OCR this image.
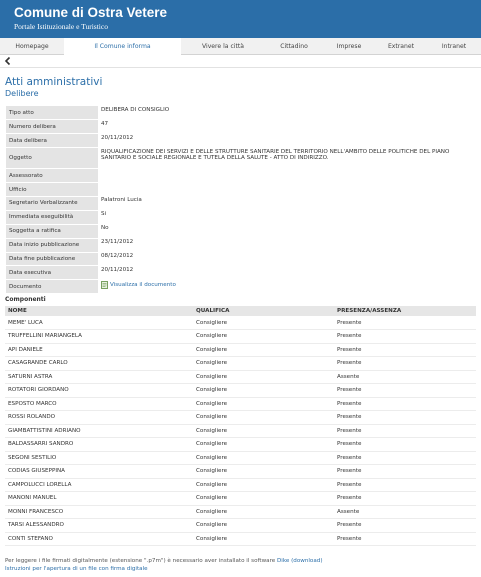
Comune di Ostra Vetere
Portale Istituzionale e Turistico
Homepage	Il Comune informa	Vivere la città	Cittadino	Imprese	Extranet	Intranet
Atti amministrativi
Delibere
Tipo atto	DELIBERA DI CONSIGLIO
Numero delibera	47
Data delibera	20/11/2012
Oggetto	RIQUALIFICAZIONE DEI SERVIZI E DELLE STRUTTURE SANITARIE DEL TERRITORIO NELL'AMBITO DELLE POLITICHE DEL PIANO SANITARIO E SOCIALE REGIONALE E TUTELA DELLA SALUTE - ATTO DI INDIRIZZO.
Assessorato	
Ufficio	
Segretario Verbalizzante	Palatroni Lucia
Immediata eseguibilità	Si
Soggetta a ratifica	No
Data inizio pubblicazione	23/11/2012
Data fine pubblicazione	08/12/2012
Data esecutiva	20/11/2012
Documento	Visualizza il documento
Componenti
NOME	QUALIFICA	PRESENZA/ASSENZA
MEME' LUCA	Consigliere	Presente
TRUFFELLINI MARIANGELA	Consigliere	Presente
API DANIELE	Consigliere	Presente
CASAGRANDE CARLO	Consigliere	Presente
SATURNI ASTRA	Consigliere	Assente
ROTATORI GIORDANO	Consigliere	Presente
ESPOSTO MARCO	Consigliere	Presente
ROSSI ROLANDO	Consigliere	Presente
GIAMBATTISTINI ADRIANO	Consigliere	Presente
BALDASSARRI SANDRO	Consigliere	Presente
SEGONI SESTILIO	Consigliere	Presente
CODIAS GIUSEPPINA	Consigliere	Presente
CAMPOLUCCI LORELLA	Consigliere	Presente
MANONI MANUEL	Consigliere	Presente
MONNI FRANCESCO	Consigliere	Assente
TARSI ALESSANDRO	Consigliere	Presente
CONTI STEFANO	Consigliere	Presente
Per leggere i file firmati digitalmente (estensione ".p7m") è necessario aver installato il software Dike (download)
Istruzioni per l'apertura di un file con firma digitale
